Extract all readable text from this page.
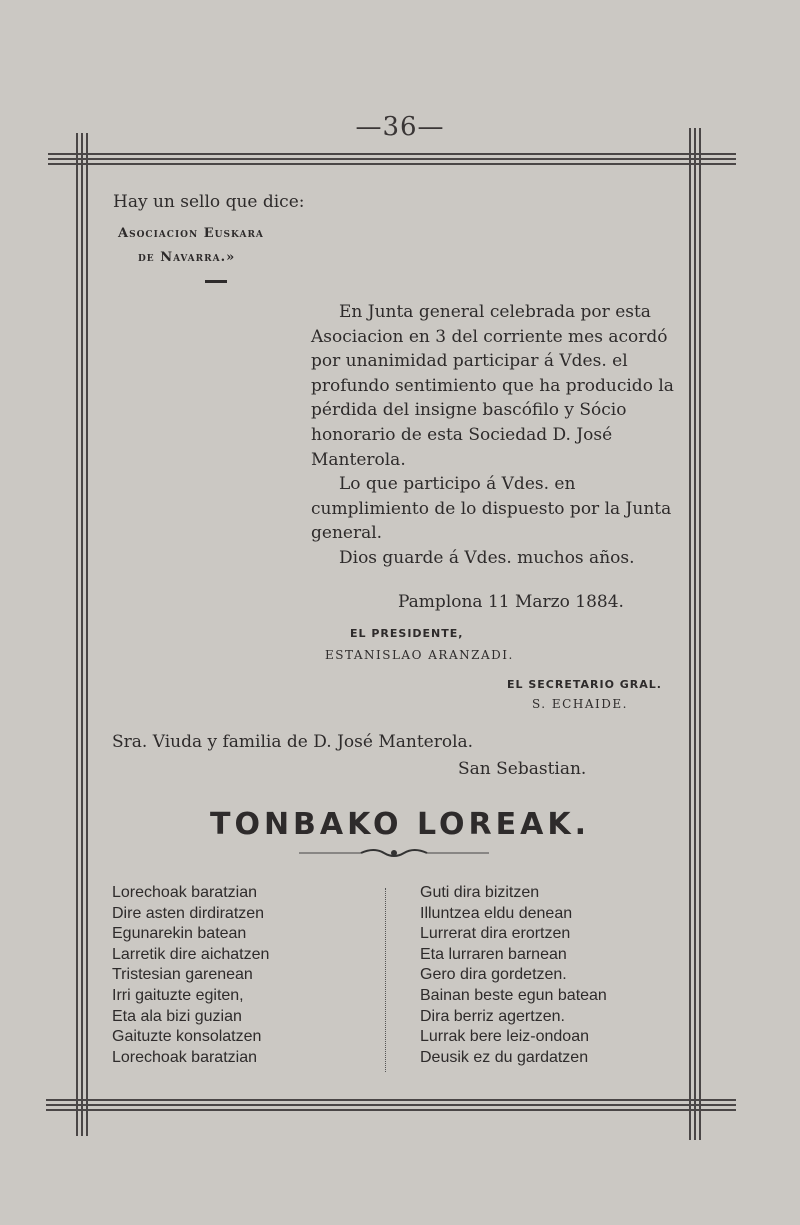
—36—
Hay un sello que dice:
Asociacion Euskara
de Navarra.»

En Junta general celebrada por esta Asociacion en 3 del corriente mes acordó por unanimidad participar á Vdes. el profundo sentimiento que ha producido la pérdida del insigne bascófilo y Sócio honorario de esta Sociedad D. José Manterola.

Lo que participo á Vdes. en cumplimiento de lo dispuesto por la Junta general.

Dios guarde á Vdes. muchos años.

Pamplona 11 Marzo 1884.
EL PRESIDENTE,
ESTANISLAO ARANZADI.
EL SECRETARIO GRAL.
S. ECHAIDE.
Sra. Viuda y familia de D. José Manterola.
San Sebastian.
TONBAKO LOREAK.
Lorechoak baratzian
Dire asten dirdiratzen
Egunarekin batean
Larretik dire aichatzen
Tristesian garenean
Irri gaituzte egiten,
Eta ala bizi guzian
Gaituzte konsolatzen
Lorechoak baratzian
Guti dira bizitzen
Illuntzea eldu denean
Lurrerat dira erortzen
Eta lurraren barnean
Gero dira gordetzen.
Bainan beste egun batean
Dira berriz agertzen.
Lurrak bere leiz-ondoan
Deusik ez du gardatzen
